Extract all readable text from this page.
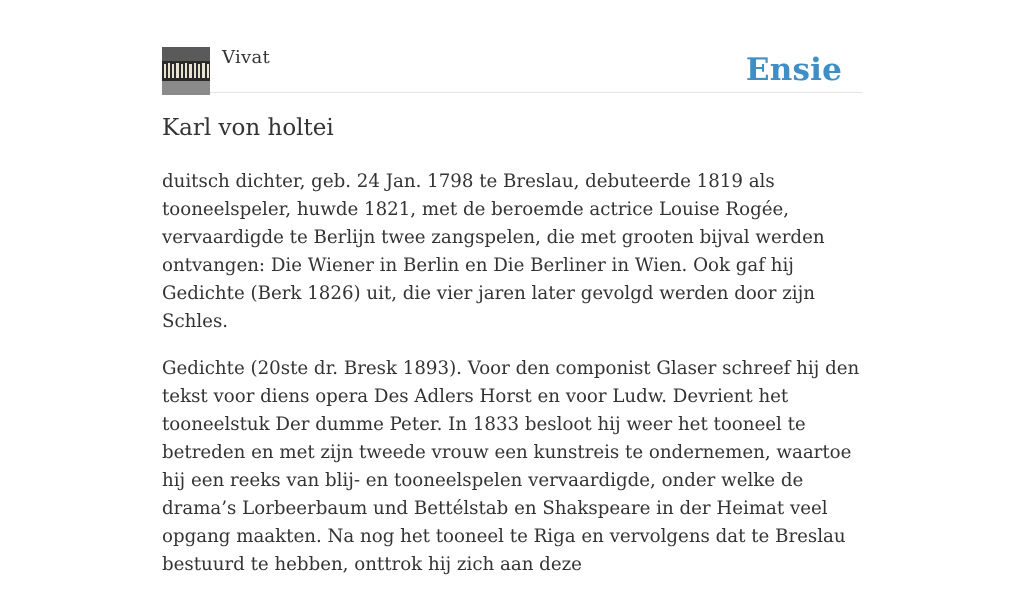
Vivat	Ensie
Karl von holtei

duitsch dichter, geb. 24 Jan. 1798 te Breslau, debuteerde 1819 als tooneelspeler, huwde 1821, met de beroemde actrice Louise Rogée, vervaardigde te Berlijn twee zangspelen, die met grooten bijval werden ontvangen: Die Wiener in Berlin en Die Berliner in Wien. Ook gaf hij Gedichte (Berk 1826) uit, die vier jaren later gevolgd werden door zijn Schles.

Gedichte (20ste dr. Bresk 1893). Voor den componist Glaser schreef hij den tekst voor diens opera Des Adlers Horst en voor Ludw. Devrient het tooneelstuk Der dumme Peter. In 1833 besloot hij weer het tooneel te betreden en met zijn tweede vrouw een kunstreis te ondernemen, waartoe hij een reeks van blij- en tooneelspelen vervaardigde, onder welke de drama’s Lorbeerbaum und Bettélstab en Shakspeare in der Heimat veel opgang maakten. Na nog het tooneel te Riga en vervolgens dat te Breslau bestuurd te hebben, onttrok hij zich aan deze
